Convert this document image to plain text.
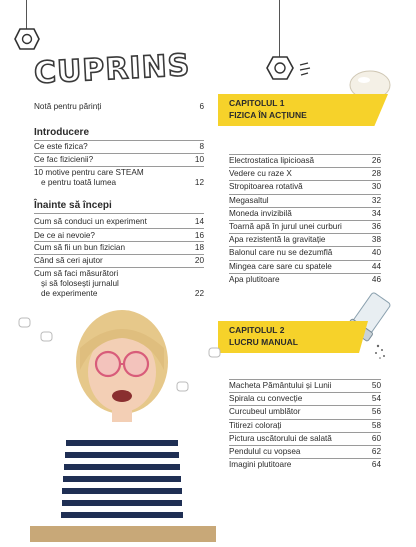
CUPRINS
Notă pentru părinți	6
Introducere
Ce este fizica?	8
Ce fac fizicienii?	10
10 motive pentru care STEAM
e pentru toată lumea	12
Înainte să începi
Cum să conduci un experiment	14
De ce ai nevoie?	16
Cum să fii un bun fizician	18
Când să ceri ajutor	20
Cum să faci măsurători
și să folosești jurnalul
de experimente	22
CAPITOLUL 1
FIZICA ÎN ACȚIUNE
Electrostatica lipicioasă	26
Vedere cu raze X	28
Stropitoarea rotativă	30
Megasaltul	32
Moneda invizibilă	34
Toarnă apă în jurul unei curburi	36
Apa rezistentă la gravitație	38
Balonul care nu se dezumflă	40
Mingea care sare cu spatele	44
Apa plutitoare	46
CAPITOLUL 2
LUCRU MANUAL
Macheta Pământului și Lunii	50
Spirala cu convecție	54
Curcubeul umblător	56
Titirezi colorați	58
Pictura uscătorului de salată	60
Pendulul cu vopsea	62
Imagini plutitoare	64
